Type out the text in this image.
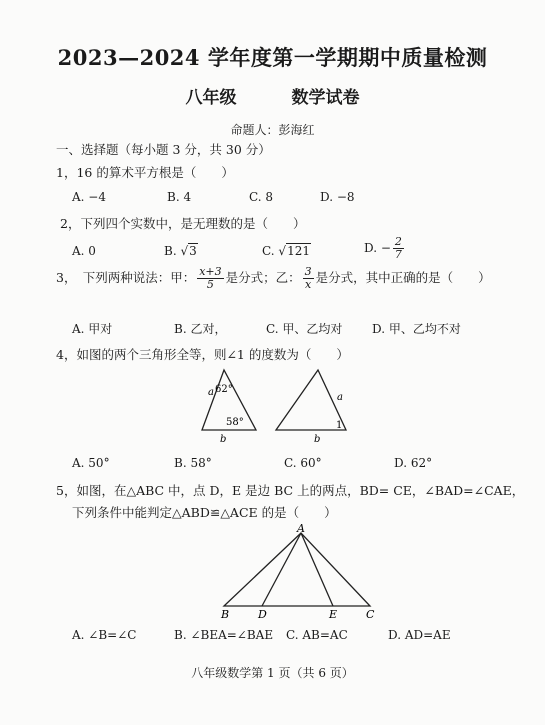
2023—2024 学年度第一学期期中质量检测
八年级	数学试卷
命题人：彭海红
一、选择题（每小题 3 分，共 30 分）
1，16 的算术平方根是（　　）
A. −4	B. 4	C. 8	D. −8
2，下列四个实数中，是无理数的是（　　）
A. 0	B. √3	C. √121	D. − $\frac{2}{7}$
3，　下列两种说法：甲： $\frac{x+3}{5}$ 是分式；乙： $\frac{3}{x}$ 是分式，其中正确的是（　　）
A. 甲对	B. 乙对，	C. 甲、乙均对 D. 甲、乙均不对
4，如图的两个三角形全等，则∠1 的度数为（　　）
a
b
62°
58°
a
b
1
A. 50°	B. 58°	C. 60°	D. 62°
5，如图，在△ABC 中，点 D，E 是边 BC 上的两点，BD= CE，∠BAD=∠CAE，
下列条件中能判定△ABD≌△ACE 的是（　　）
A
B	D	E	C
A. ∠B=∠C	B. ∠BEA=∠BAE C. AB=AC	D. AD=AE
八年级数学第 1 页（共 6 页）
